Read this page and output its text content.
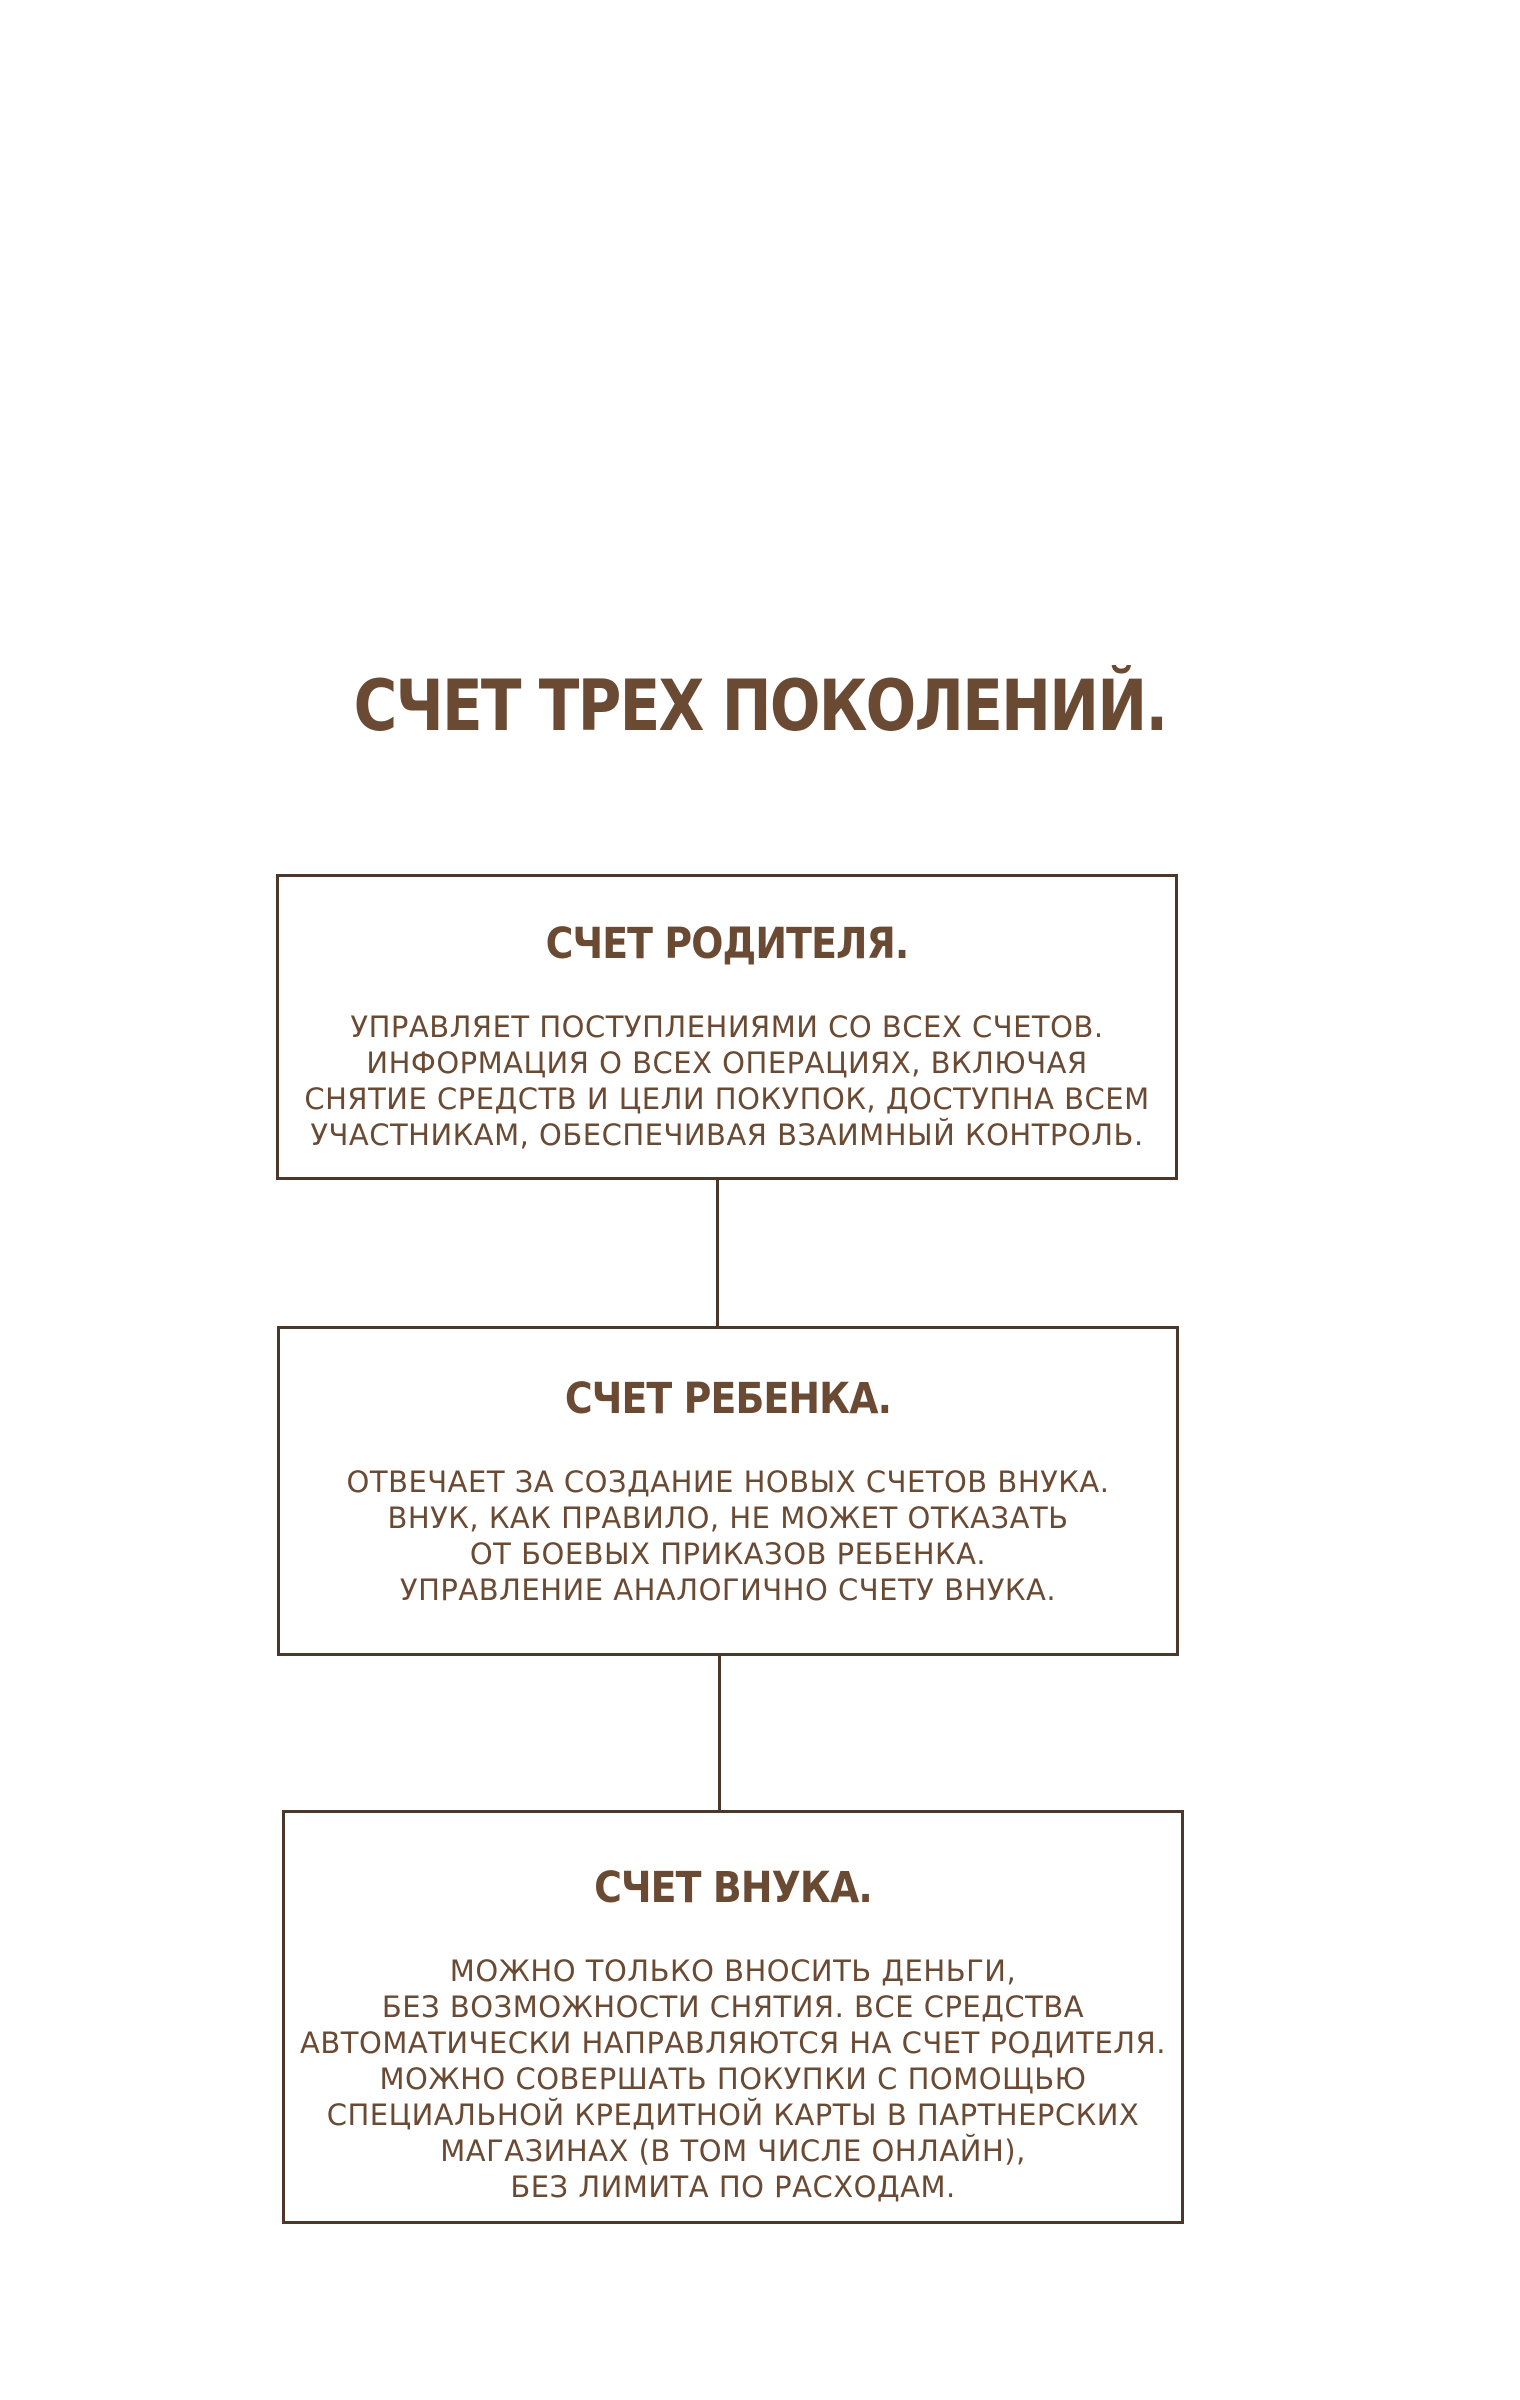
СЧЕТ ТРЕХ ПОКОЛЕНИЙ.
СЧЕТ РОДИТЕЛЯ.
УПРАВЛЯЕТ ПОСТУПЛЕНИЯМИ СО ВСЕХ СЧЕТОВ.
ИНФОРМАЦИЯ О ВСЕХ ОПЕРАЦИЯХ, ВКЛЮЧАЯ
СНЯТИЕ СРЕДСТВ И ЦЕЛИ ПОКУПОК, ДОСТУПНА ВСЕМ
УЧАСТНИКАМ, ОБЕСПЕЧИВАЯ ВЗАИМНЫЙ КОНТРОЛЬ.
СЧЕТ РЕБЕНКА.
ОТВЕЧАЕТ ЗА СОЗДАНИЕ НОВЫХ СЧЕТОВ ВНУКА.
ВНУК, КАК ПРАВИЛО, НЕ МОЖЕТ ОТКАЗАТЬ
ОТ БОЕВЫХ ПРИКАЗОВ РЕБЕНКА.
УПРАВЛЕНИЕ АНАЛОГИЧНО СЧЕТУ ВНУКА.
СЧЕТ ВНУКА.
МОЖНО ТОЛЬКО ВНОСИТЬ ДЕНЬГИ,
БЕЗ ВОЗМОЖНОСТИ СНЯТИЯ. ВСЕ СРЕДСТВА
АВТОМАТИЧЕСКИ НАПРАВЛЯЮТСЯ НА СЧЕТ РОДИТЕЛЯ.
МОЖНО СОВЕРШАТЬ ПОКУПКИ С ПОМОЩЬЮ
СПЕЦИАЛЬНОЙ КРЕДИТНОЙ КАРТЫ В ПАРТНЕРСКИХ
МАГАЗИНАХ (В ТОМ ЧИСЛЕ ОНЛАЙН),
БЕЗ ЛИМИТА ПО РАСХОДАМ.
